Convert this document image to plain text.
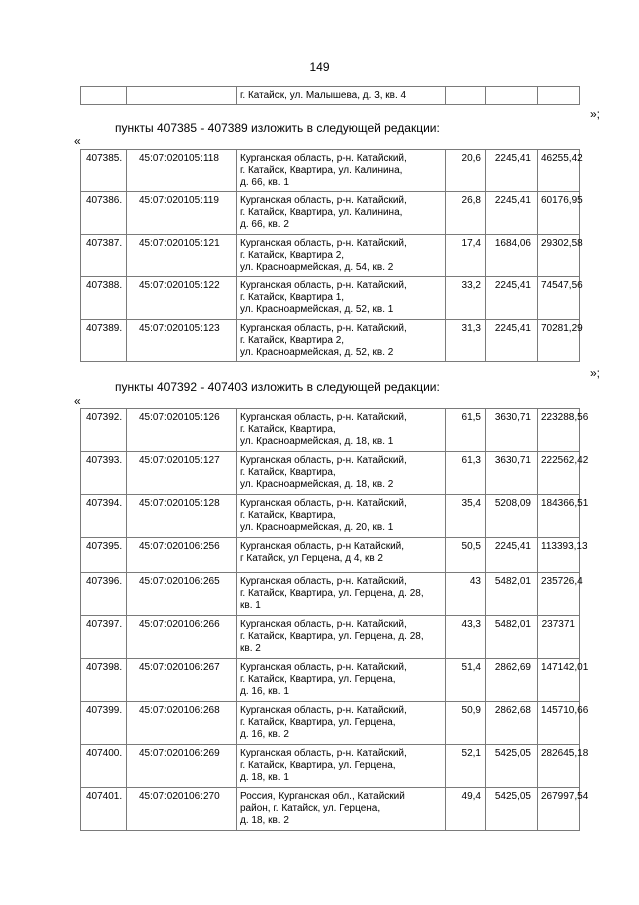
149
		г. Катайск, ул. Малышева, д. 3, кв. 4			
»;
пункты 407385 - 407389 изложить в следующей редакции:
«
407385.	45:07:020105:118	Курганская область, р-н. Катайский,
г. Катайск, Квартира, ул. Калинина,
д. 66, кв. 1	20,6	2245,41	46255,42
407386.	45:07:020105:119	Курганская область, р-н. Катайский,
г. Катайск, Квартира, ул. Калинина,
д. 66, кв. 2	26,8	2245,41	60176,95
407387.	45:07:020105:121	Курганская область, р-н. Катайский,
г. Катайск, Квартира 2,
ул. Красноармейская, д. 54, кв. 2	17,4	1684,06	29302,58
407388.	45:07:020105:122	Курганская область, р-н. Катайский,
г. Катайск, Квартира 1,
ул. Красноармейская, д. 52, кв. 1	33,2	2245,41	74547,56
407389.	45:07:020105:123	Курганская область, р-н. Катайский,
г. Катайск, Квартира 2,
ул. Красноармейская, д. 52, кв. 2	31,3	2245,41	70281,29
»;
пункты 407392 - 407403 изложить в следующей редакции:
«
407392.	45:07:020105:126	Курганская область, р-н. Катайский,
г. Катайск, Квартира,
ул. Красноармейская, д. 18, кв. 1	61,5	3630,71	223288,56
407393.	45:07:020105:127	Курганская область, р-н. Катайский,
г. Катайск, Квартира,
ул. Красноармейская, д. 18, кв. 2	61,3	3630,71	222562,42
407394.	45:07:020105:128	Курганская область, р-н. Катайский,
г. Катайск, Квартира,
ул. Красноармейская, д. 20, кв. 1	35,4	5208,09	184366,51
407395.	45:07:020106:256	Курганская область, р-н Катайский,
г Катайск, ул Герцена, д 4, кв 2	50,5	2245,41	113393,13
407396.	45:07:020106:265	Курганская область, р-н. Катайский,
г. Катайск, Квартира, ул. Герцена, д. 28,
кв. 1	43	5482,01	235726,4
407397.	45:07:020106:266	Курганская область, р-н. Катайский,
г. Катайск, Квартира, ул. Герцена, д. 28,
кв. 2	43,3	5482,01	237371
407398.	45:07:020106:267	Курганская область, р-н. Катайский,
г. Катайск, Квартира, ул. Герцена,
д. 16, кв. 1	51,4	2862,69	147142,01
407399.	45:07:020106:268	Курганская область, р-н. Катайский,
г. Катайск, Квартира, ул. Герцена,
д. 16, кв. 2	50,9	2862,68	145710,66
407400.	45:07:020106:269	Курганская область, р-н. Катайский,
г. Катайск, Квартира, ул. Герцена,
д. 18, кв. 1	52,1	5425,05	282645,18
407401.	45:07:020106:270	Россия, Курганская обл., Катайский
район, г. Катайск, ул. Герцена,
д. 18, кв. 2	49,4	5425,05	267997,54
